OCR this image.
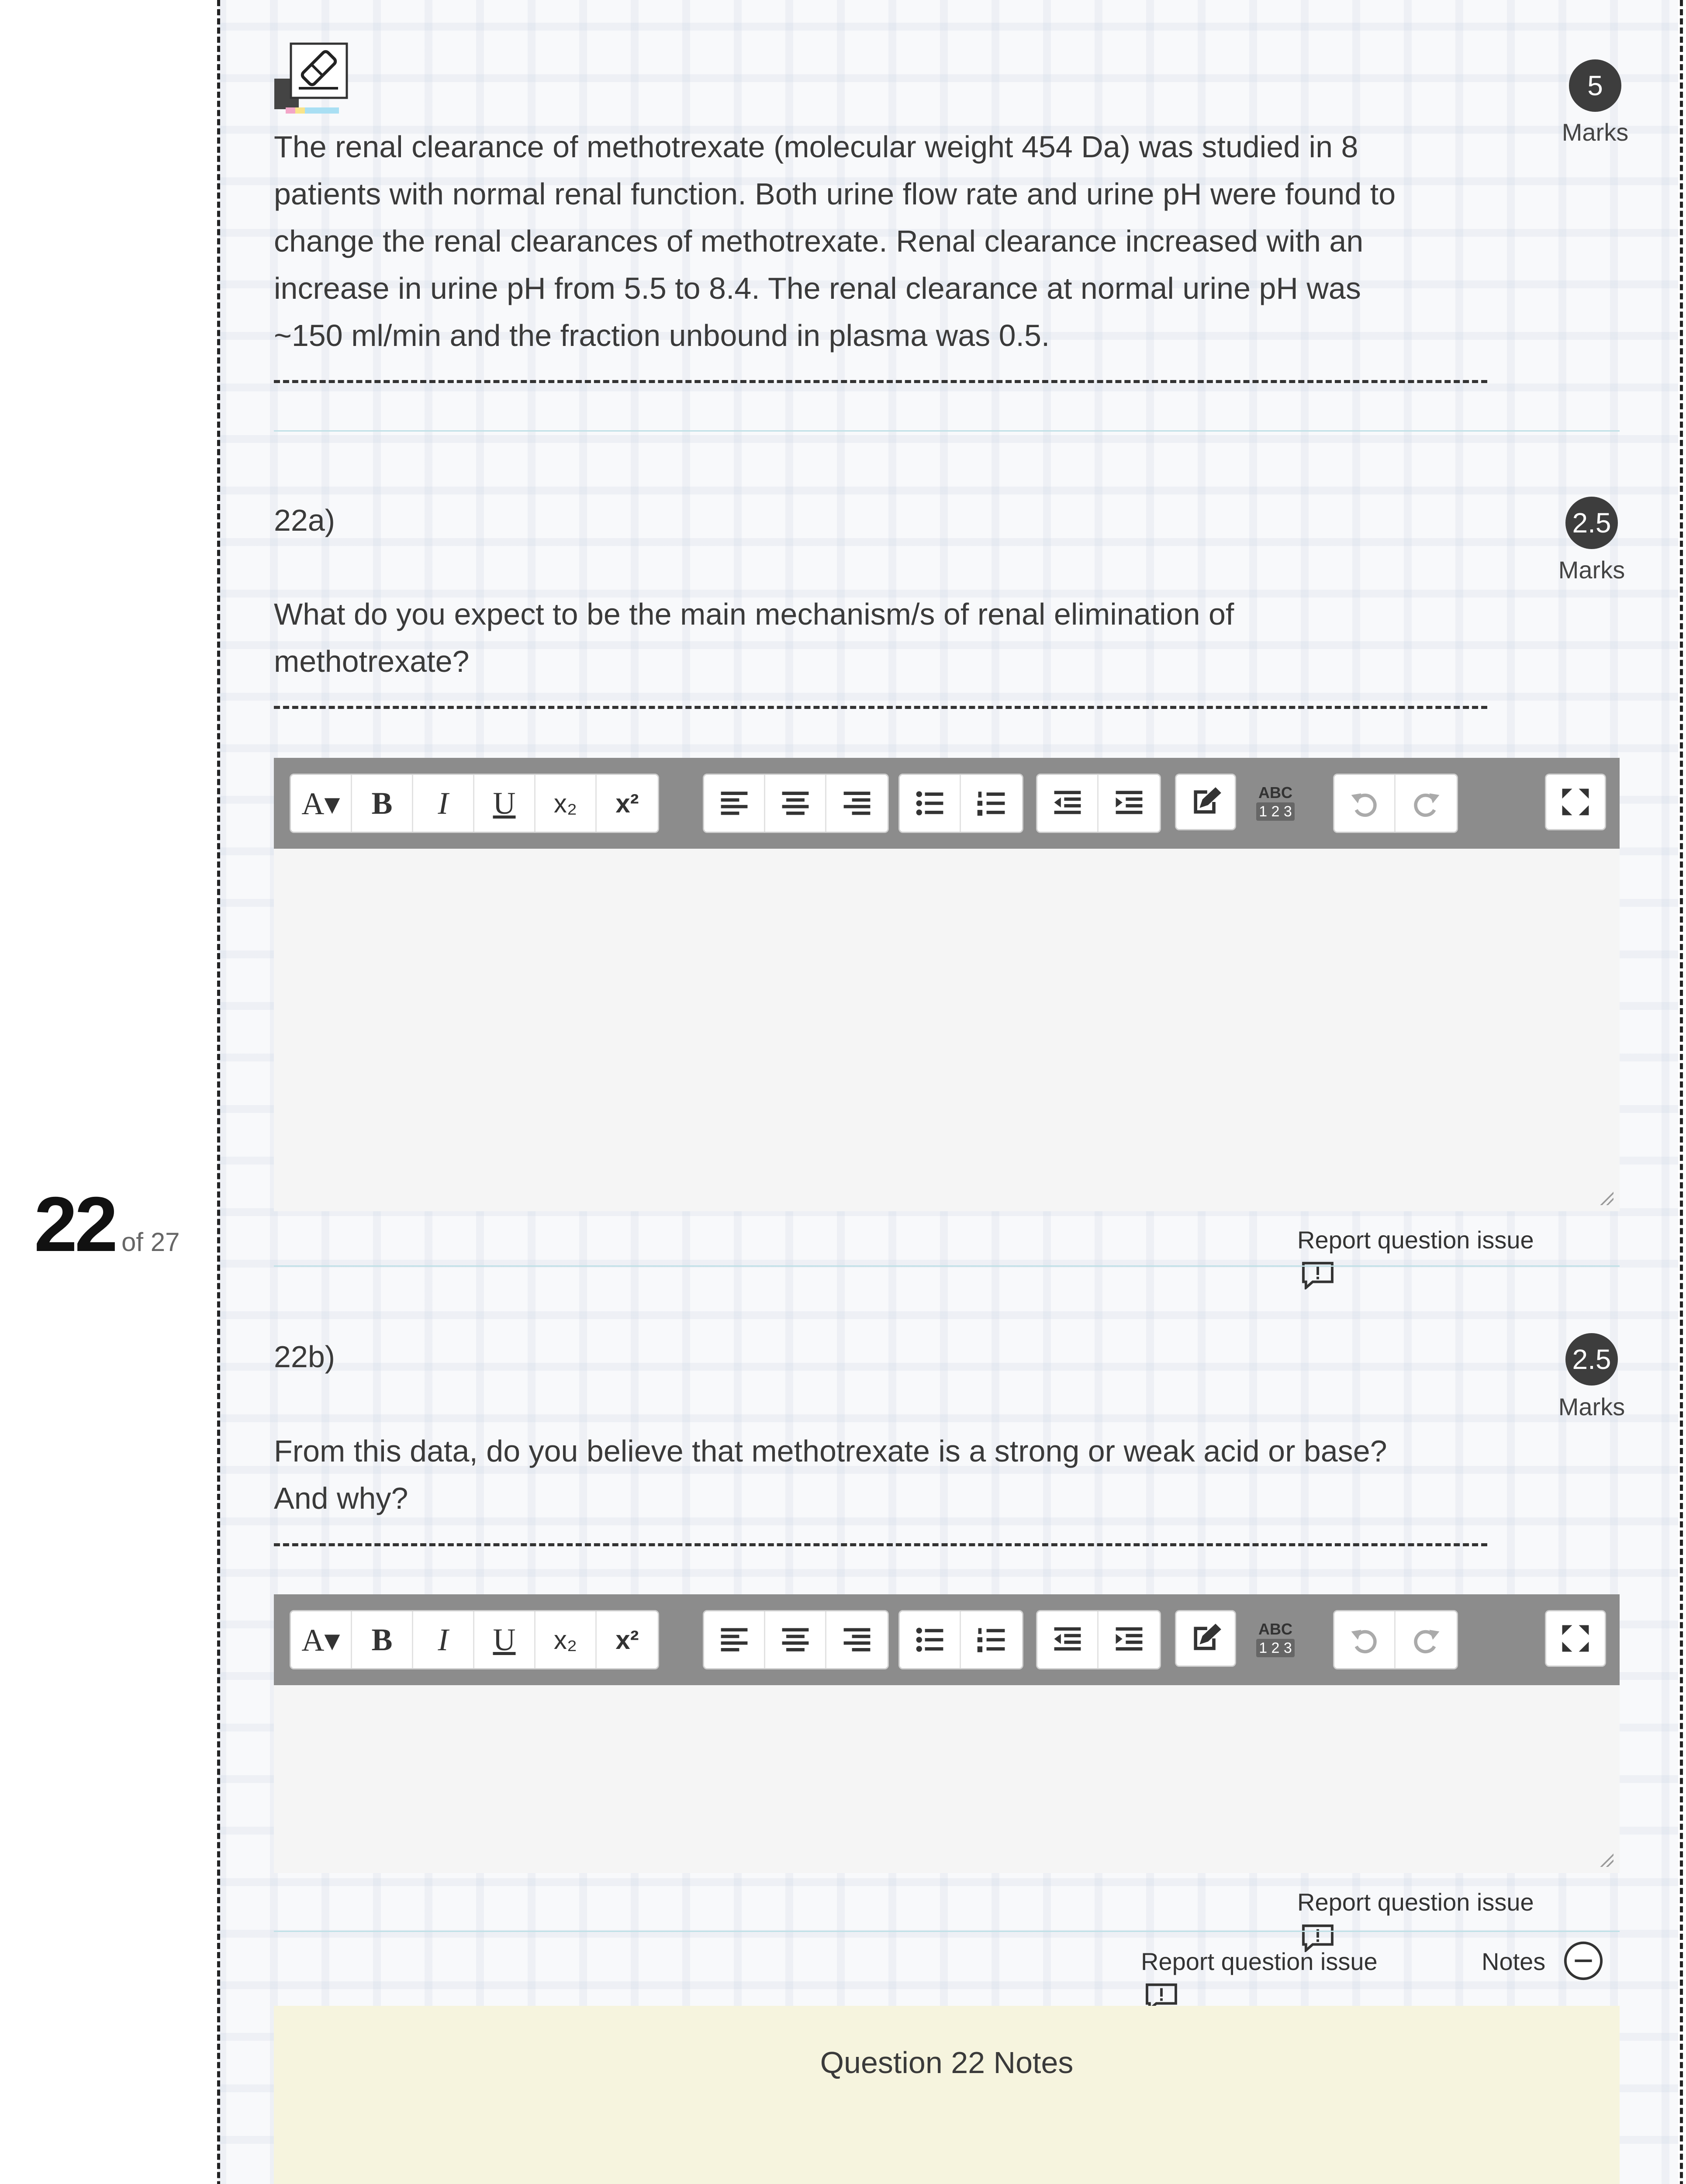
22 of 27
5
Marks
The renal clearance of methotrexate (molecular weight 454 Da) was studied in 8
patients with normal renal function. Both urine flow rate and urine pH were found to
change the renal clearances of methotrexate. Renal clearance increased with an
increase in urine pH from 5.5 to 8.4. The renal clearance at normal urine pH was
~150 ml/min and the fraction unbound in plasma was 0.5.
22a)	2.5
Marks
What do you expect to be the main mechanism/s of renal elimination of
methotrexate?
A▾ B	I	U	x₂	x²	ABC
1 2 3
Report question issue
22b)	2.5
Marks
From this data, do you believe that methotrexate is a strong or weak acid or base?
And why?
A▾ B	I	U	x₂	x²	ABC
1 2 3
Report question issue
Report question issue	Notes
Question 22 Notes
